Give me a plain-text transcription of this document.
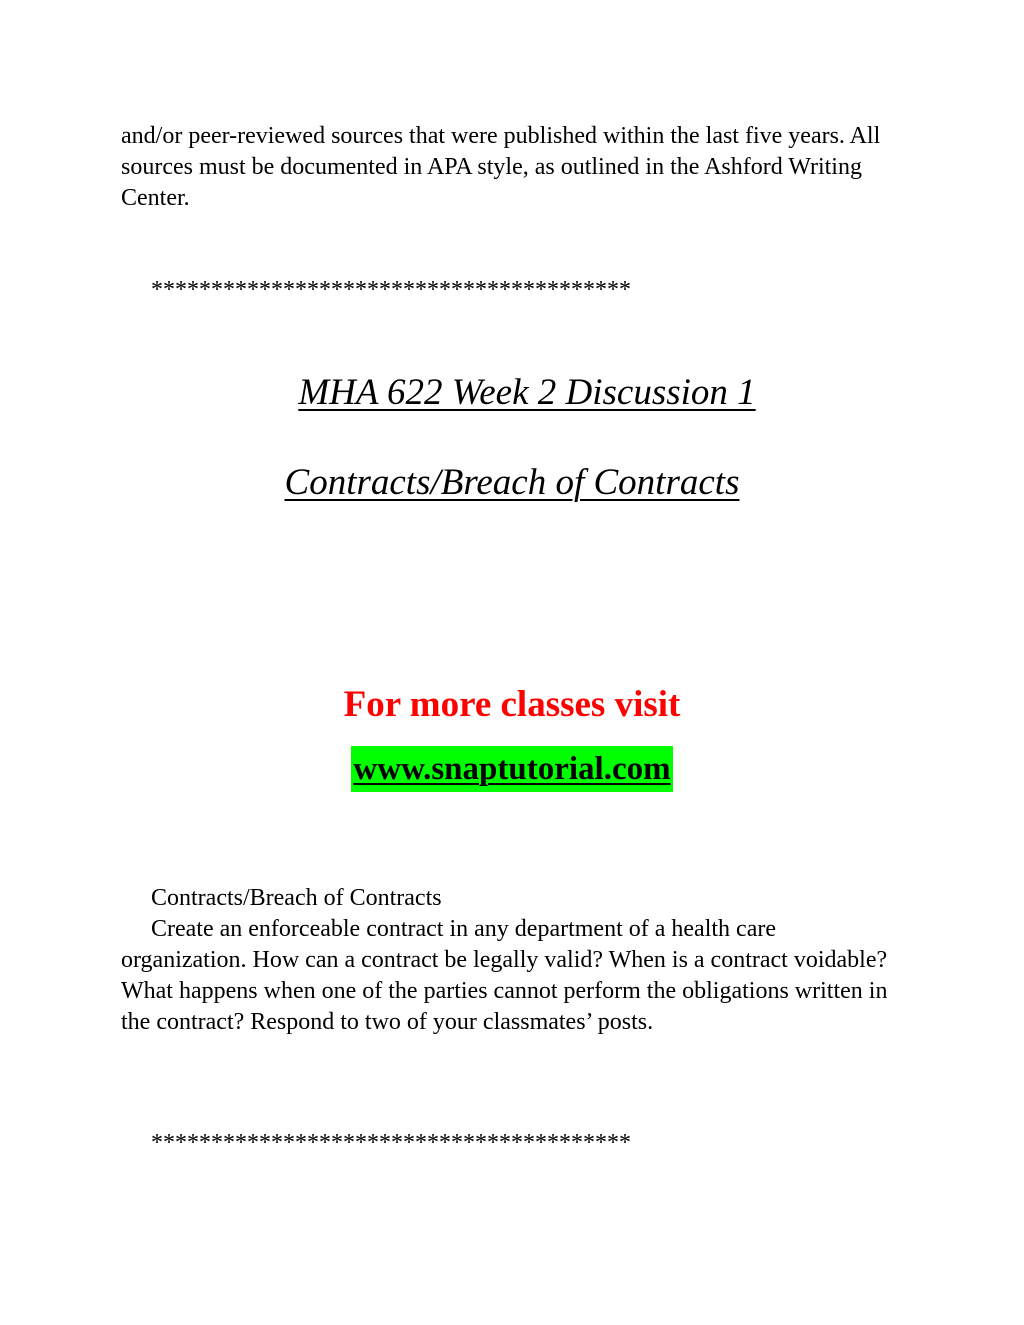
and/or peer-reviewed sources that were published within the last five years. All sources must be documented in APA style, as outlined in the Ashford Writing Center.
****************************************
MHA 622 Week 2 Discussion 1
Contracts/Breach of Contracts
For more classes visit
www.snaptutorial.com
Contracts/Breach of Contracts
Create an enforceable contract in any department of a health care organization. How can a contract be legally valid? When is a contract voidable? What happens when one of the parties cannot perform the obligations written in the contract? Respond to two of your classmates’ posts.
****************************************
